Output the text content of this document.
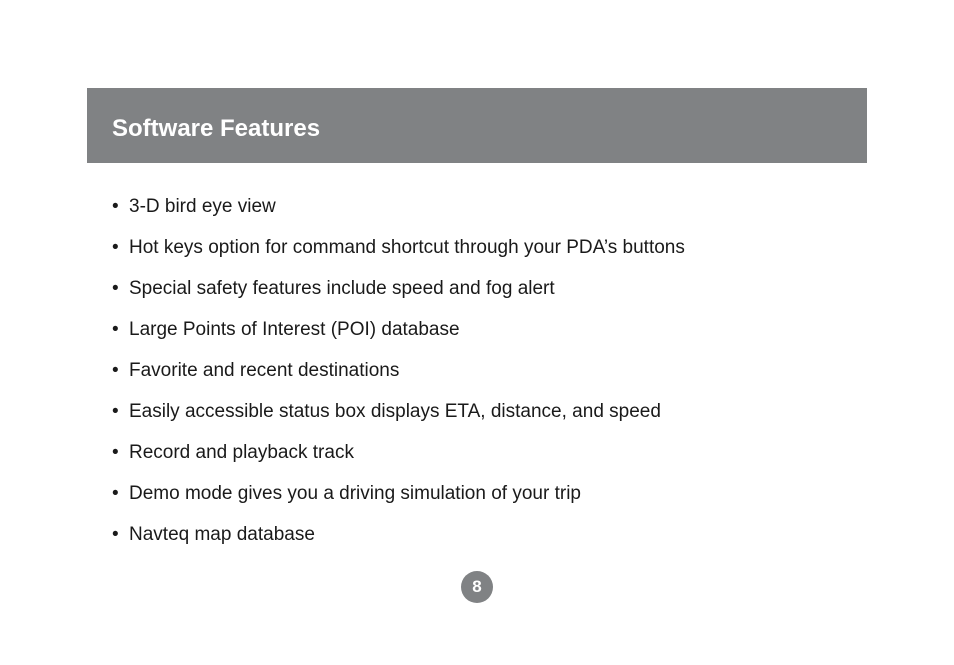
Software Features
• 3-D bird eye view
• Hot keys option for command shortcut through your PDA’s buttons
• Special safety features include speed and fog alert
• Large Points of Interest (POI) database
• Favorite and recent destinations
• Easily accessible status box displays ETA, distance, and speed
• Record and playback track
• Demo mode gives you a driving simulation of your trip
• Navteq map database
8
